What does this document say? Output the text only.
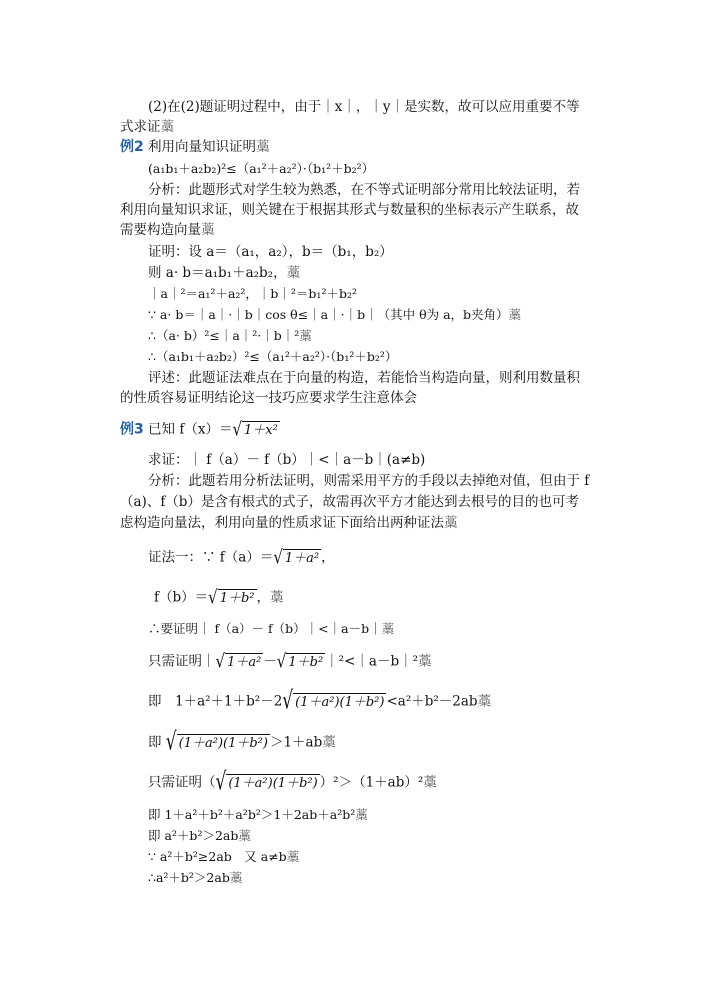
(2)在(2)题证明过程中，由于｜x｜，｜y｜是实数，故可以应用重要不等
式求证藁
例2 利用向量知识证明藁
(a₁b₁＋a₂b₂)²≤（a₁²＋a₂²）·（b₁²＋b₂²）
分析：此题形式对学生较为熟悉，在不等式证明部分常用比较法证明，若
利用向量知识求证，则关键在于根据其形式与数量积的坐标表示产生联系，故
需要构造向量藁
证明：设 a＝（a₁，a₂），b＝（b₁，b₂）
则 a· b＝a₁b₁＋a₂b₂，藁
｜a｜²＝a₁²＋a₂²，｜b｜²＝b₁²＋b₂²
∵ a· b＝｜a｜·｜b｜cos θ≤｜a｜·｜b｜（其中 θ为 a，b夹角）藁
∴（a· b）²≤｜a｜²·｜b｜²藁
∴（a₁b₁＋a₂b₂）²≤（a₁²＋a₂²）·（b₁²＋b₂²）
评述：此题证法难点在于向量的构造，若能恰当构造向量，则利用数量积
的性质容易证明结论这一技巧应要求学生注意体会
例3 已知 f（x）＝√ 1＋x²
求证：｜ f（a）－ f（b）｜<｜a－b｜(a≠b)
分析：此题若用分析法证明，则需采用平方的手段以去掉绝对值，但由于 f
（a)、f（b）是含有根式的式子，故需再次平方才能达到去根号的目的也可考
虑构造向量法，利用向量的性质求证下面给出两种证法藁
证法一：∵ f（a）＝√ 1＋a² ，
f（b）＝√ 1＋b² ，藁
∴要证明｜ f（a）－ f（b）｜<｜a－b｜藁
只需证明｜√ 1＋a² －√ 1＋b² ｜²<｜a－b｜²藁
即　1＋a²＋1＋b²－2√ (1＋a²)(1＋b²) <a²＋b²－2ab藁
即 √ (1＋a²)(1＋b²) ＞1＋ab藁
只需证明（√ (1＋a²)(1＋b²) ）²＞（1＋ab）²藁
即 1＋a²＋b²＋a²b²＞1＋2ab＋a²b²藁
即 a²＋b²＞2ab藁
∵ a²＋b²≥2ab　又 a≠b藁
∴a²＋b²＞2ab藁
